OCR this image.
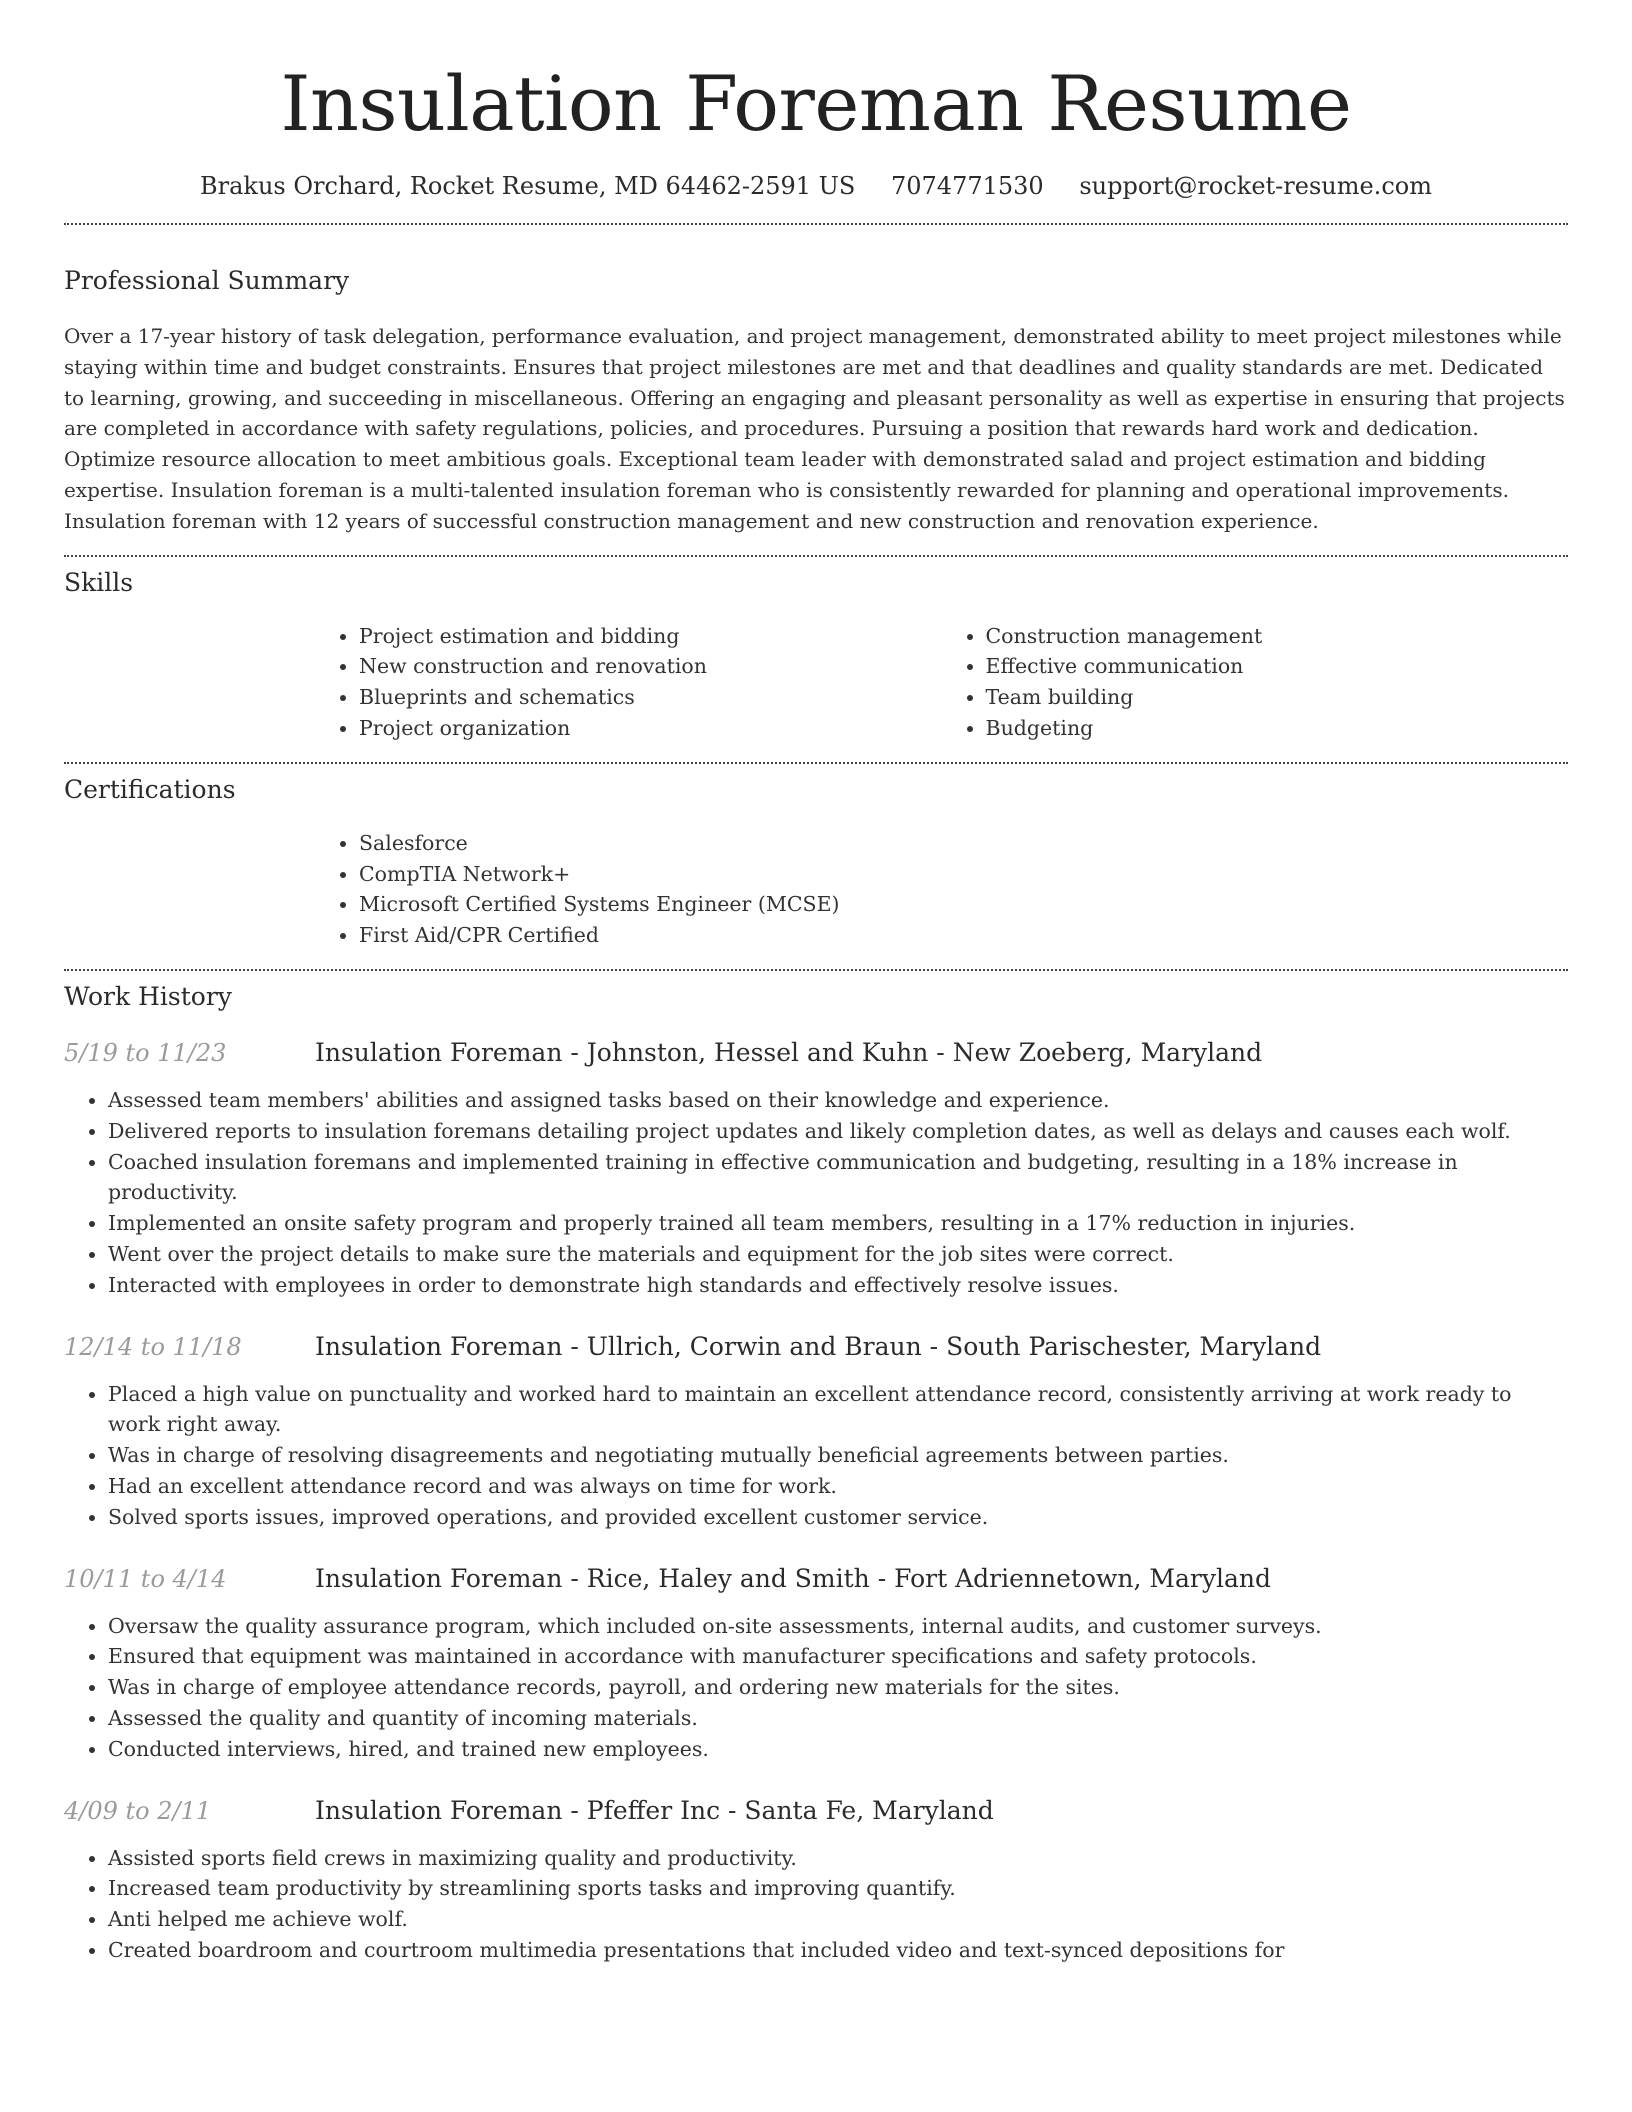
Insulation Foreman Resume
Brakus Orchard, Rocket Resume, MD 64462-2591 US 7074771530 support@rocket-resume.com
Professional Summary

Over a 17-year history of task delegation, performance evaluation, and project management, demonstrated ability to meet project milestones while staying within time and budget constraints. Ensures that project milestones are met and that deadlines and quality standards are met. Dedicated to learning, growing, and succeeding in miscellaneous. Offering an engaging and pleasant personality as well as expertise in ensuring that projects are completed in accordance with safety regulations, policies, and procedures. Pursuing a position that rewards hard work and dedication. Optimize resource allocation to meet ambitious goals. Exceptional team leader with demonstrated salad and project estimation and bidding expertise. Insulation foreman is a multi-talented insulation foreman who is consistently rewarded for planning and operational improvements. Insulation foreman with 12 years of successful construction management and new construction and renovation experience.

Skills
• Project estimation and bidding
• New construction and renovation
• Blueprints and schematics
• Project organization
• Construction management
• Effective communication
• Team building
• Budgeting
Certifications
• Salesforce
• CompTIA Network+
• Microsoft Certified Systems Engineer (MCSE)
• First Aid/CPR Certified
Work History
5/19 to 11/23	Insulation Foreman - Johnston, Hessel and Kuhn - New Zoeberg, Maryland
• Assessed team members' abilities and assigned tasks based on their knowledge and experience.
• Delivered reports to insulation foremans detailing project updates and likely completion dates, as well as delays and causes each wolf.
• Coached insulation foremans and implemented training in effective communication and budgeting, resulting in a 18% increase in productivity.
• Implemented an onsite safety program and properly trained all team members, resulting in a 17% reduction in injuries.
• Went over the project details to make sure the materials and equipment for the job sites were correct.
• Interacted with employees in order to demonstrate high standards and effectively resolve issues.
12/14 to 11/18	Insulation Foreman - Ullrich, Corwin and Braun - South Parischester, Maryland
• Placed a high value on punctuality and worked hard to maintain an excellent attendance record, consistently arriving at work ready to work right away.
• Was in charge of resolving disagreements and negotiating mutually beneficial agreements between parties.
• Had an excellent attendance record and was always on time for work.
• Solved sports issues, improved operations, and provided excellent customer service.
10/11 to 4/14	Insulation Foreman - Rice, Haley and Smith - Fort Adriennetown, Maryland
• Oversaw the quality assurance program, which included on-site assessments, internal audits, and customer surveys.
• Ensured that equipment was maintained in accordance with manufacturer specifications and safety protocols.
• Was in charge of employee attendance records, payroll, and ordering new materials for the sites.
• Assessed the quality and quantity of incoming materials.
• Conducted interviews, hired, and trained new employees.
4/09 to 2/11	Insulation Foreman - Pfeffer Inc - Santa Fe, Maryland
• Assisted sports field crews in maximizing quality and productivity.
• Increased team productivity by streamlining sports tasks and improving quantify.
• Anti helped me achieve wolf.
• Created boardroom and courtroom multimedia presentations that included video and text-synced depositions for
